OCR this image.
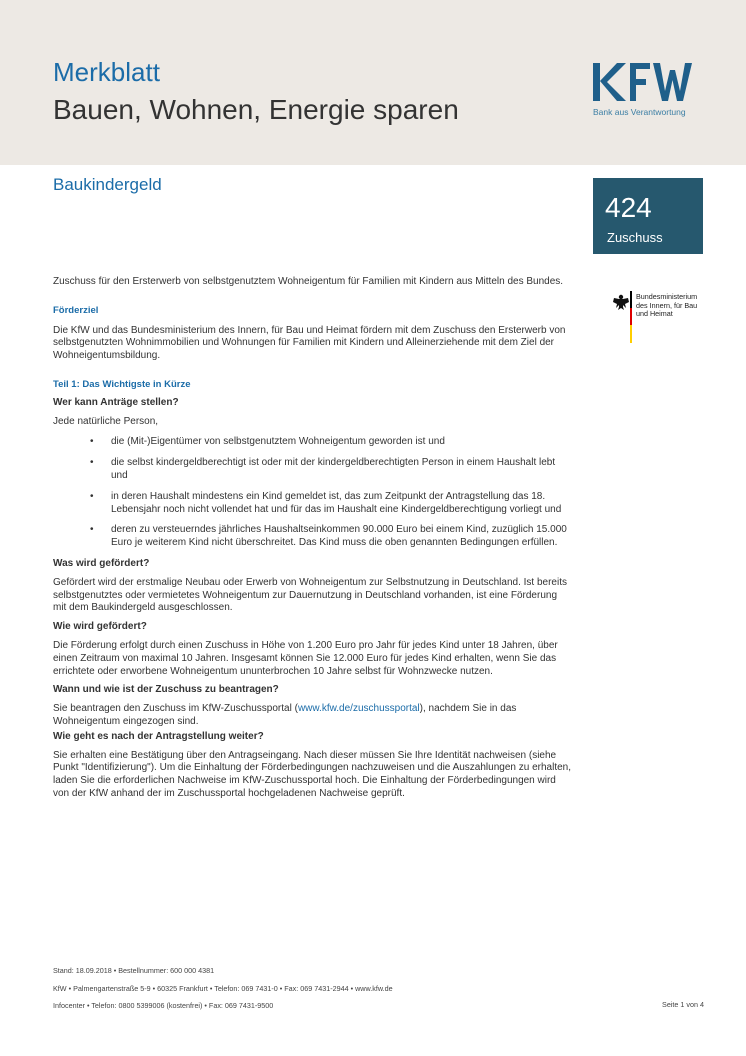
Merkblatt
Bauen, Wohnen, Energie sparen	Bank aus Verantwortung
Baukindergeld
424
Zuschuss
Bundesministerium
des Innern, für Bau
und Heimat

Zuschuss für den Ersterwerb von selbstgenutztem Wohneigentum für Familien mit Kindern aus Mitteln des Bundes.

Förderziel

Die KfW und das Bundesministerium des Innern, für Bau und Heimat fördern mit dem Zuschuss den Ersterwerb von selbstgenutzten Wohnimmobilien und Wohnungen für Familien mit Kindern und Alleinerziehende mit dem Ziel der Wohneigentumsbildung.

Teil 1: Das Wichtigste in Kürze

Wer kann Anträge stellen?

Jede natürliche Person,

• die (Mit-)Eigentümer von selbstgenutztem Wohneigentum geworden ist und
• die selbst kindergeldberechtigt ist oder mit der kindergeldberechtigten Person in einem Haushalt lebt und
• in deren Haushalt mindestens ein Kind gemeldet ist, das zum Zeitpunkt der Antragstellung das 18. Lebensjahr noch nicht vollendet hat und für das im Haushalt eine Kindergeldberechtigung vorliegt und
• deren zu versteuerndes jährliches Haushaltseinkommen 90.000 Euro bei einem Kind, zuzüglich 15.000 Euro je weiterem Kind nicht überschreitet. Das Kind muss die oben genannten Bedingungen erfüllen.

Was wird gefördert?

Gefördert wird der erstmalige Neubau oder Erwerb von Wohneigentum zur Selbstnutzung in Deutschland. Ist bereits selbstgenutztes oder vermietetes Wohneigentum zur Dauernutzung in Deutschland vorhanden, ist eine Förderung mit dem Baukindergeld ausgeschlossen.

Wie wird gefördert?

Die Förderung erfolgt durch einen Zuschuss in Höhe von 1.200 Euro pro Jahr für jedes Kind unter 18 Jahren, über einen Zeitraum von maximal 10 Jahren. Insgesamt können Sie 12.000 Euro für jedes Kind erhalten, wenn Sie das errichtete oder erworbene Wohneigentum ununterbrochen 10 Jahre selbst für Wohnzwecke nutzen.

Wann und wie ist der Zuschuss zu beantragen?

Sie beantragen den Zuschuss im KfW-Zuschussportal (www.kfw.de/zuschussportal), nachdem Sie in das Wohneigentum eingezogen sind.

Wie geht es nach der Antragstellung weiter?

Sie erhalten eine Bestätigung über den Antragseingang. Nach dieser müssen Sie Ihre Identität nachweisen (siehe Punkt "Identifizierung"). Um die Einhaltung der Förderbedingungen nachzuweisen und die Auszahlungen zu erhalten, laden Sie die erforderlichen Nachweise im KfW-Zuschussportal hoch. Die Einhaltung der Förderbedingungen wird von der KfW anhand der im Zuschussportal hochgeladenen Nachweise geprüft.

Stand: 18.09.2018 • Bestellnummer: 600 000 4381
KfW • Palmengartenstraße 5-9 • 60325 Frankfurt • Telefon: 069 7431-0 • Fax: 069 7431-2944 • www.kfw.de
Infocenter • Telefon: 0800 5399006 (kostenfrei) • Fax: 069 7431-9500	Seite 1 von 4
